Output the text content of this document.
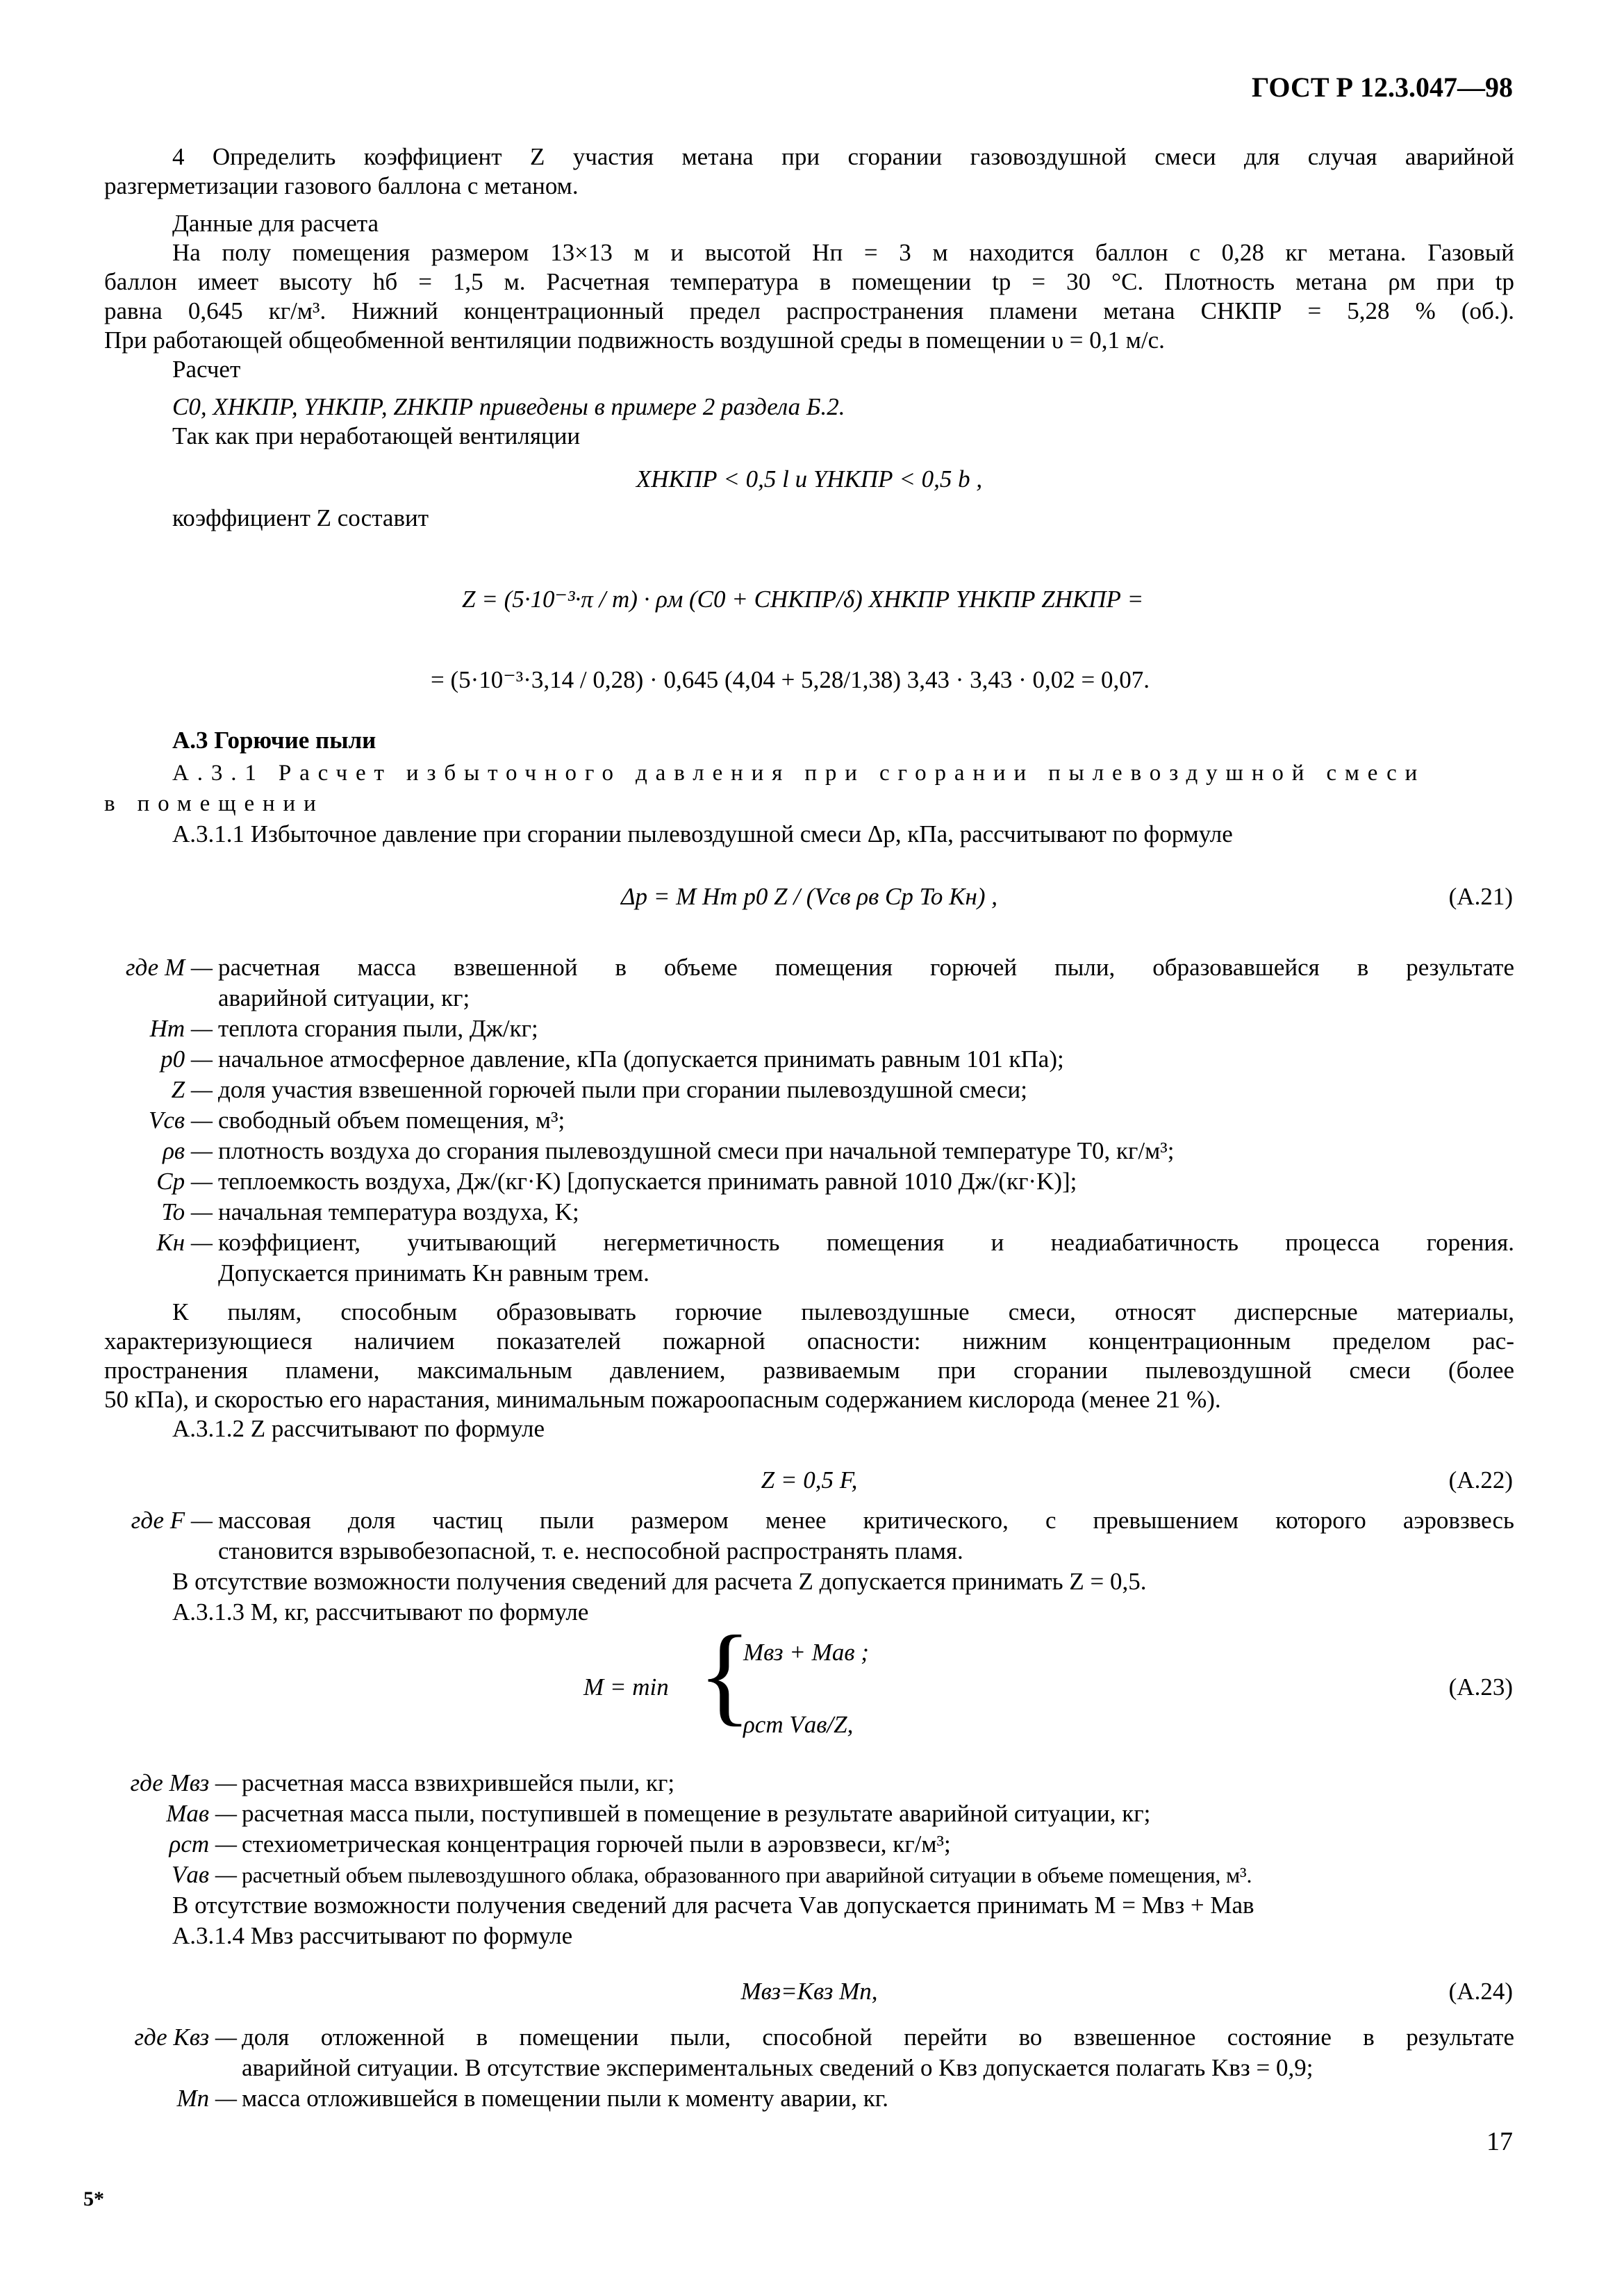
ГОСТ Р 12.3.047—98
4 Определить коэффициент Z участия метана при сгорании газовоздушной смеси для случая аварийной
разгерметизации газового баллона с метаном.
Данные для расчета
На полу помещения размером 13×13 м и высотой Hп = 3 м находится баллон с 0,28 кг метана. Газовый
баллон имеет высоту hб = 1,5 м. Расчетная температура в помещении tр = 30 °С. Плотность метана ρм при tр
равна 0,645 кг/м³. Нижний концентрационный предел распространения пламени метана CНКПР = 5,28 % (об.).
При работающей общеобменной вентиляции подвижность воздушной среды в помещении υ = 0,1 м/с.
Расчет
C0, XНКПР, YНКПР, ZНКПР приведены в примере 2 раздела Б.2.
Так как при неработающей вентиляции
XНКПР < 0,5 l и YНКПР < 0,5 b ,
коэффициент Z составит
Z = (5·10⁻³·π / m) · ρм (C0 + CНКПР/δ) XНКПР YНКПР ZНКПР =
= (5·10⁻³·3,14 / 0,28) · 0,645 (4,04 + 5,28/1,38) 3,43 · 3,43 · 0,02 = 0,07.
А.3 Горючие пыли
А.3.1 Расчет избыточного давления при сгорании пылевоздушной смеси
в помещении
А.3.1.1 Избыточное давление при сгорании пылевоздушной смеси Δp, кПа, рассчитывают по формуле
Δp = M Hт p0 Z / (Vсв ρв Cp To Kн) ,	(А.21)
где M — расчетная масса взвешенной в объеме помещения горючей пыли, образовавшейся в результате
аварийной ситуации, кг;
Hт — теплота сгорания пыли, Дж/кг;
p0 — начальное атмосферное давление, кПа (допускается принимать равным 101 кПа);
Z — доля участия взвешенной горючей пыли при сгорании пылевоздушной смеси;
Vсв — свободный объем помещения, м³;
ρв — плотность воздуха до сгорания пылевоздушной смеси при начальной температуре T0, кг/м³;
Cp — теплоемкость воздуха, Дж/(кг·K) [допускается принимать равной 1010 Дж/(кг·K)];
To — начальная температура воздуха, K;
Kн — коэффициент, учитывающий негерметичность помещения и неадиабатичность процесса горения.
Допускается принимать Kн равным трем.
К пылям, способным образовывать горючие пылевоздушные смеси, относят дисперсные материалы,
характеризующиеся наличием показателей пожарной опасности: нижним концентрационным пределом рас-
пространения пламени, максимальным давлением, развиваемым при сгорании пылевоздушной смеси (более
50 кПа), и скоростью его нарастания, минимальным пожароопасным содержанием кислорода (менее 21 %).
А.3.1.2 Z рассчитывают по формуле
Z = 0,5 F,	(А.22)
где F — массовая доля частиц пыли размером менее критического, с превышением которого аэровзвесь
становится взрывобезопасной, т. е. неспособной распространять пламя.
В отсутствие возможности получения сведений для расчета Z допускается принимать Z = 0,5.
А.3.1.3 M, кг, рассчитывают по формуле
M = min {
Mвз + Mав ;
ρст Vав/Z,
(А.23)
где Mвз — расчетная масса взвихрившейся пыли, кг;
Mав — расчетная масса пыли, поступившей в помещение в результате аварийной ситуации, кг;
ρст — стехиометрическая концентрация горючей пыли в аэровзвеси, кг/м³;
Vав — расчетный объем пылевоздушного облака, образованного при аварийной ситуации в объеме помещения, м³.
В отсутствие возможности получения сведений для расчета Vав допускается принимать M = Mвз + Mав
А.3.1.4 Mвз рассчитывают по формуле
Mвз=Kвз Mп,	(А.24)
где Kвз — доля отложенной в помещении пыли, способной перейти во взвешенное состояние в результате
аварийной ситуации. В отсутствие экспериментальных сведений о Kвз допускается полагать Kвз = 0,9;
Mп — масса отложившейся в помещении пыли к моменту аварии, кг.
17
5*
